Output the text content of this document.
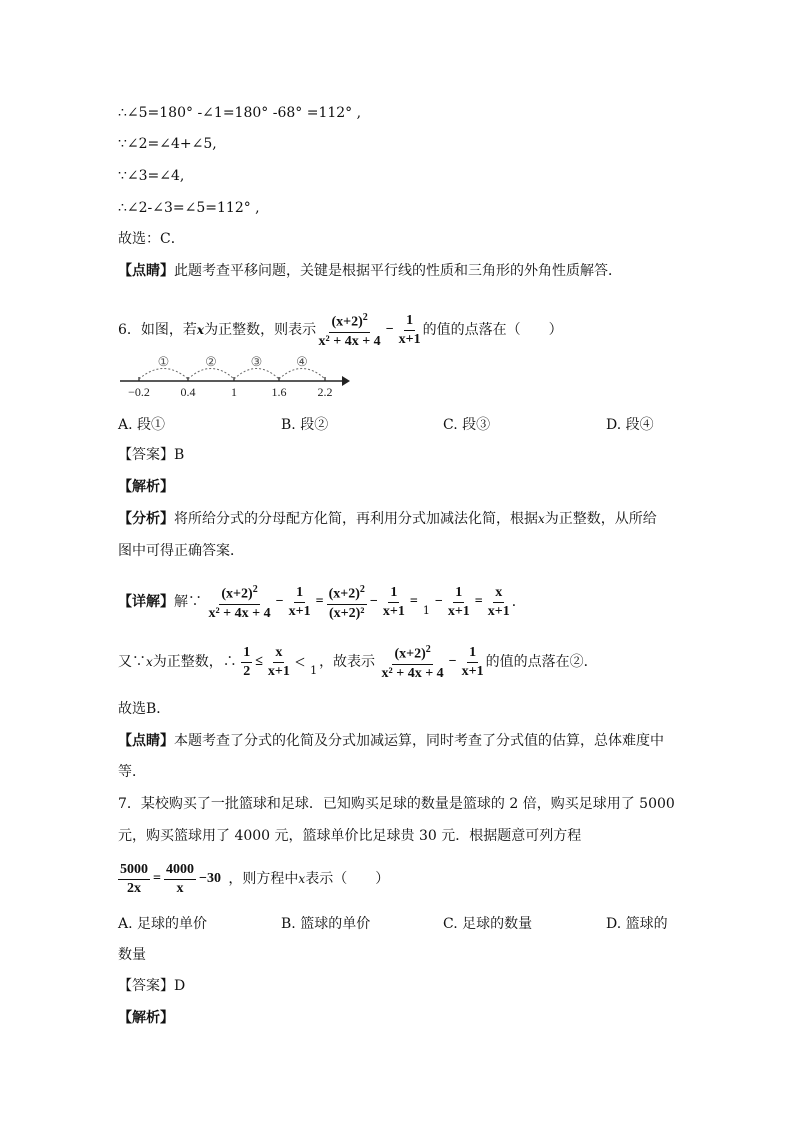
∴∠5=180° -∠1=180° -68° =112° ,
∵∠2=∠4+∠5,
∵∠3=∠4,
∴∠2-∠3=∠5=112° ,
故选：C．
【点睛】此题考查平移问题，关键是根据平行线的性质和三角形的外角性质解答．
6．如图，若x为正整数，则表示 $\frac{(x+2)^2}{\text{x² + 4x + 4}} - \frac{1}{x+1}$ 的值的点落在（　　）
−0.2	0.4	1	1.6	2.2
①	②	③	④
A. 段①	B. 段②	C. 段③	D. 段④
【答案】B
【解析】
【分析】将所给分式的分母配方化简，再利用分式加减法化简，根据x为正整数，从所给
图中可得正确答案．
【详解】解∵ $\frac{(x+2)^2}{\text{x² + 4x + 4}} - \frac{1}{x+1} = \frac{(x+2)^2}{\text{(x+2)²}} - \frac{1}{x+1} =_1- \frac{1}{x+1} = \frac{x}{x+1}$ ．
又∵x为正整数，∴ $\frac{1}{2} \le \frac{x}{x+1} < _1$，故表示 $\frac{(x+2)^2}{\text{x² + 4x + 4}} - \frac{1}{x+1}$ 的值的点落在②．
故选B．
【点睛】本题考查了分式的化简及分式加减运算，同时考查了分式值的估算，总体难度中
等．
7．某校购买了一批篮球和足球．已知购买足球的数量是篮球的 2 倍，购买足球用了 5000
元，购买篮球用了 4000 元，篮球单价比足球贵 30 元．根据题意可列方程
$\frac{5000}{2x} = \frac{4000}{x} -30$ ，则方程中x表示（　　）
A. 足球的单价	B. 篮球的单价	C. 足球的数量	D. 篮球的
数量
【答案】D
【解析】
